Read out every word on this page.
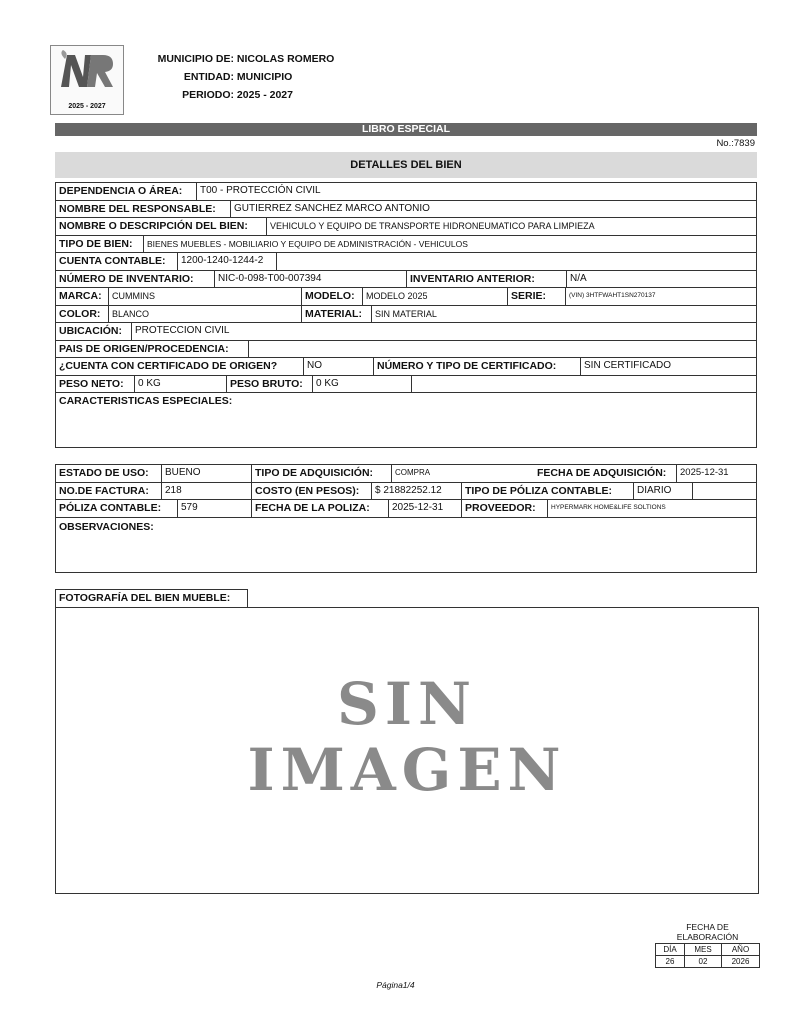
2025 - 2027
MUNICIPIO DE: NICOLAS ROMERO
ENTIDAD: MUNICIPIO
PERIODO: 2025 - 2027
LIBRO ESPECIAL
No.:7839
DETALLES DEL BIEN
DEPENDENCIA O ÁREA:	T00 - PROTECCIÓN CIVIL
NOMBRE DEL RESPONSABLE:	GUTIERREZ SANCHEZ MARCO ANTONIO
NOMBRE O DESCRIPCIÓN DEL BIEN:	VEHICULO Y EQUIPO DE TRANSPORTE HIDRONEUMATICO PARA LIMPIEZA
TIPO DE BIEN:	BIENES MUEBLES - MOBILIARIO Y EQUIPO DE ADMINISTRACIÓN - VEHICULOS
CUENTA CONTABLE:	1200-1240-1244-2
NÚMERO DE INVENTARIO:	NIC-0-098-T00-007394	INVENTARIO ANTERIOR:	N/A
MARCA:	CUMMINS	MODELO:	MODELO 2025	SERIE:	(VIN) 3HTFWAHT1SN270137
COLOR:	BLANCO	MATERIAL:	SIN MATERIAL
UBICACIÓN:	PROTECCION CIVIL
PAIS DE ORIGEN/PROCEDENCIA:
¿CUENTA CON CERTIFICADO DE ORIGEN?	NO	NÚMERO Y TIPO DE CERTIFICADO:	SIN CERTIFICADO
PESO NETO:	0 KG	PESO BRUTO:	0 KG
CARACTERISTICAS ESPECIALES:
ESTADO DE USO:	BUENO	TIPO DE ADQUISICIÓN:	COMPRA	FECHA DE ADQUISICIÓN:	2025-12-31
NO.DE FACTURA:	218	COSTO (EN PESOS):	$ 21882252.12	TIPO DE PÓLIZA CONTABLE:	DIARIO
PÓLIZA CONTABLE:	579	FECHA DE LA POLIZA:	2025-12-31	PROVEEDOR:	HYPERMARK HOME&LIFE SOLTIONS
OBSERVACIONES:
FOTOGRAFÍA DEL BIEN MUEBLE:
SIN
IMAGEN
FECHA DE ELABORACIÓN
DÍA	MES	AÑO
26	02	2026
Página1/4
